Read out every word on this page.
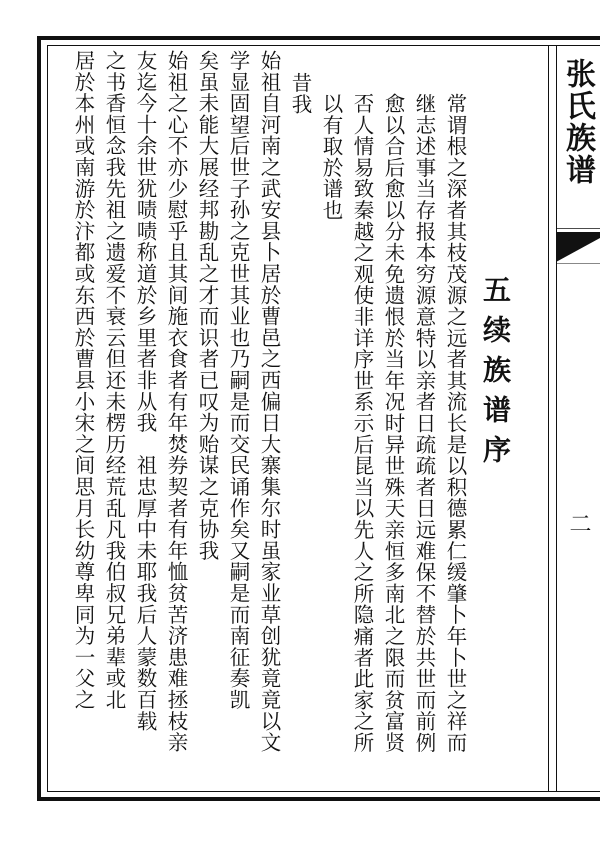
张氏族谱
二
五续族谱序
常谓根之深者其枝茂源之远者其流长是以积德累仁缓肇卜年卜世之祥而
继志述事当存报本穷源意特以亲者日疏疏者日远难保不替於共世而前例
愈以合后愈以分未免遗恨於当年况时异世殊天亲恒多南北之限而贫富贤
否人情易致秦越之观使非详序世系示后昆当以先人之所隐痛者此家之所
以有取於谱也
昔我
始祖自河南之武安县卜居於曹邑之西偏日大寨集尔时虽家业草创犹竟竟以文
学显固望后世子孙之克世其业也乃嗣是而交民诵作矣又嗣是而南征奏凯
矣虽未能大展经邦勘乱之才而识者已叹为贻谋之克协我
始祖之心不亦少慰乎且其间施衣食者有年焚券契者有年恤贫苦济患难拯枝亲
友迄今十余世犹啧啧称道於乡里者非从我　祖忠厚中未耶我后人蒙数百载
之书香恒念我先祖之遗爱不衰云但还未楞历经荒乱凡我伯叔兄弟辈或北
居於本州或南游於汴都或东西於曹县小宋之间思月长幼尊卑同为一父之
